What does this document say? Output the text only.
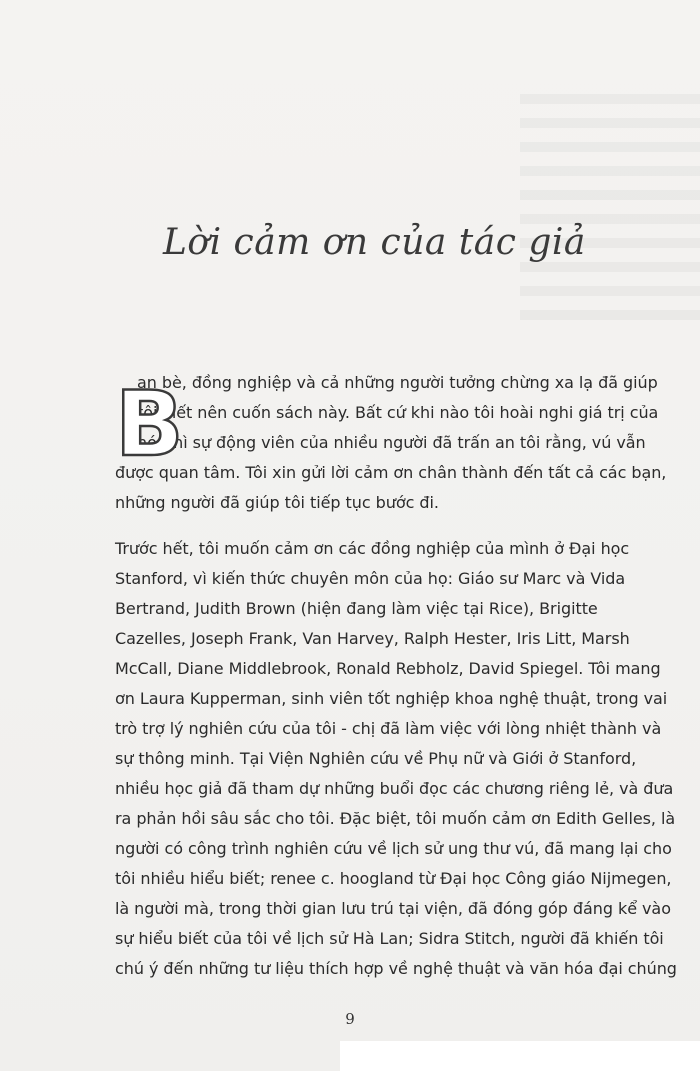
Lời cảm ơn của tác giả
B
ạn bè, đồng nghiệp và cả những người tưởng chừng xa lạ đã giúp
tôi viết nên cuốn sách này. Bất cứ khi nào tôi hoài nghi giá trị của
nó, thì sự động viên của nhiều người đã trấn an tôi rằng, vú vẫn
được quan tâm. Tôi xin gửi lời cảm ơn chân thành đến tất cả các bạn,
những người đã giúp tôi tiếp tục bước đi.
Trước hết, tôi muốn cảm ơn các đồng nghiệp của mình ở Đại học
Stanford, vì kiến thức chuyên môn của họ: Giáo sư Marc và Vida
Bertrand, Judith Brown (hiện đang làm việc tại Rice), Brigitte
Cazelles, Joseph Frank, Van Harvey, Ralph Hester, Iris Litt, Marsh
McCall, Diane Middlebrook, Ronald Rebholz, David Spiegel. Tôi mang
ơn Laura Kupperman, sinh viên tốt nghiệp khoa nghệ thuật, trong vai
trò trợ lý nghiên cứu của tôi - chị đã làm việc với lòng nhiệt thành và
sự thông minh. Tại Viện Nghiên cứu về Phụ nữ và Giới ở Stanford,
nhiều học giả đã tham dự những buổi đọc các chương riêng lẻ, và đưa
ra phản hồi sâu sắc cho tôi. Đặc biệt, tôi muốn cảm ơn Edith Gelles, là
người có công trình nghiên cứu về lịch sử ung thư vú, đã mang lại cho
tôi nhiều hiểu biết; renee c. hoogland từ Đại học Công giáo Nijmegen,
là người mà, trong thời gian lưu trú tại viện, đã đóng góp đáng kể vào
sự hiểu biết của tôi về lịch sử Hà Lan; Sidra Stitch, người đã khiến tôi
chú ý đến những tư liệu thích hợp về nghệ thuật và văn hóa đại chúng
9
